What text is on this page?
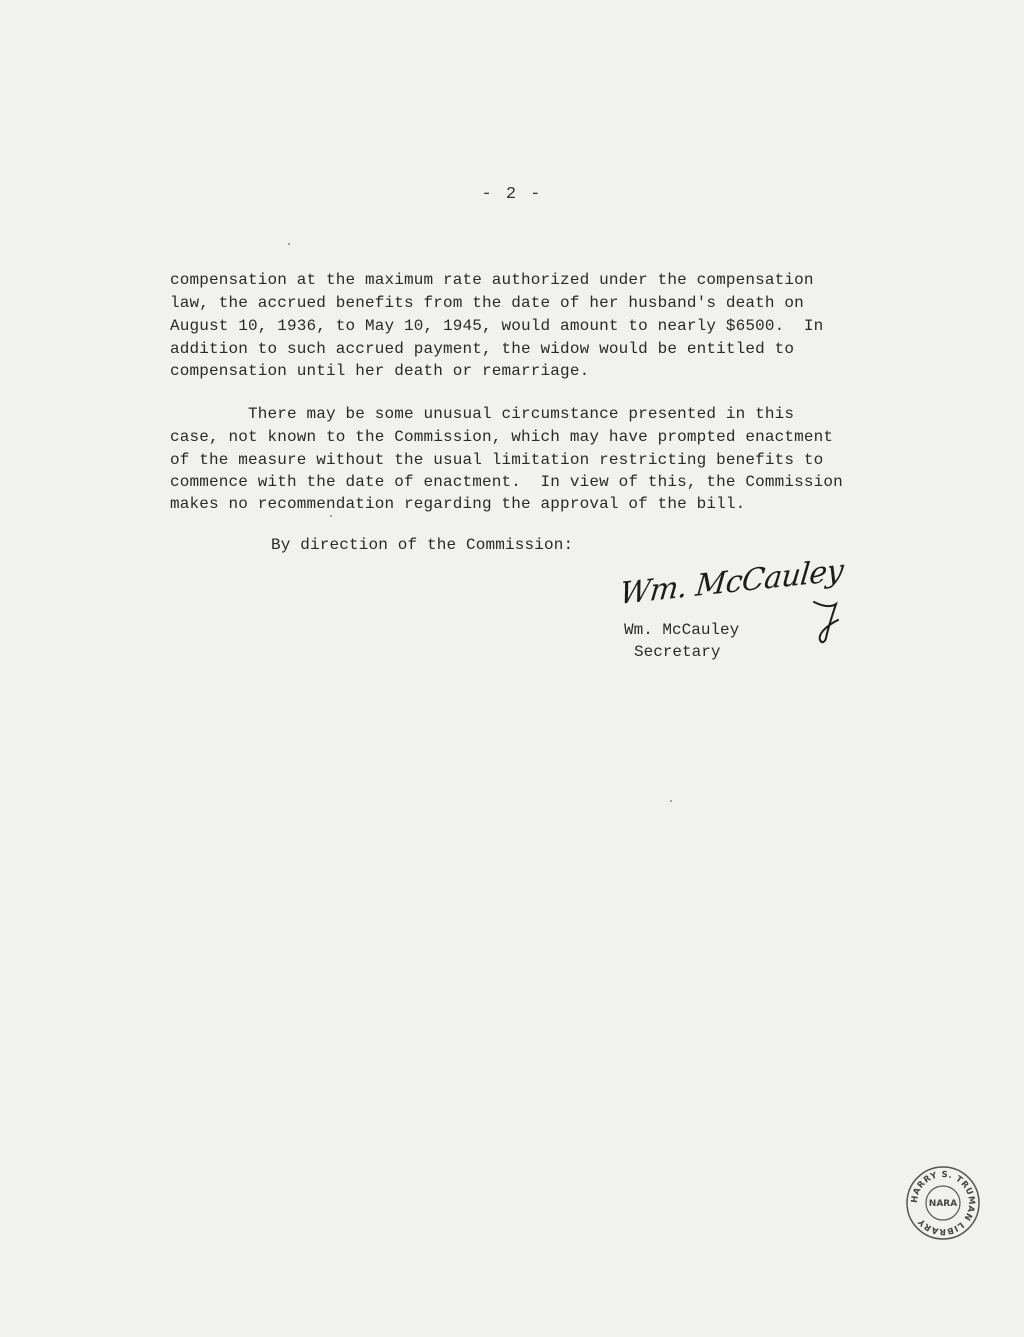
- 2 -
compensation at the maximum rate authorized under the compensation
law, the accrued benefits from the date of her husband's death on
August 10, 1936, to May 10, 1945, would amount to nearly $6500.  In
addition to such accrued payment, the widow would be entitled to
compensation until her death or remarriage.
There may be some unusual circumstance presented in this
case, not known to the Commission, which may have prompted enactment
of the measure without the usual limitation restricting benefits to
commence with the date of enactment.  In view of this, the Commission
makes no recommendation regarding the approval of the bill.
By direction of the Commission:
Wm. McCauley
Wm. McCauley
Secretary
HARRY S. TRUMAN LIBRARY
NARA
